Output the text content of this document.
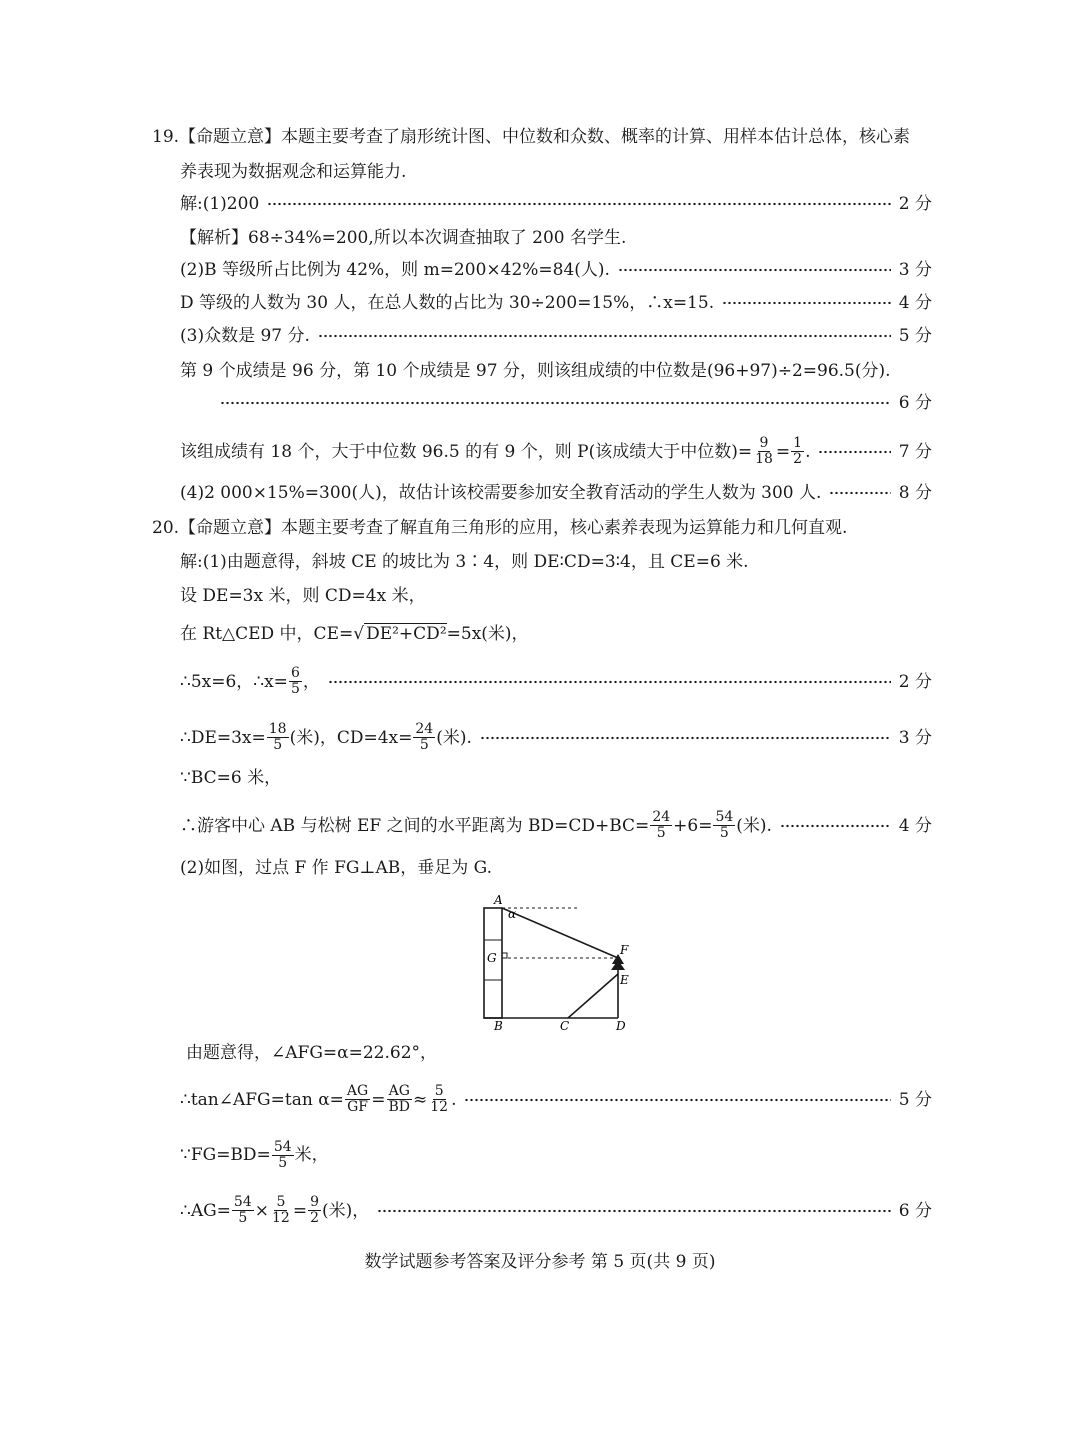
19.【命题立意】本题主要考查了扇形统计图、中位数和众数、概率的计算、用样本估计总体，核心素
养表现为数据观念和运算能力.
解:(1)200	2 分
【解析】68÷34%=200,所以本次调查抽取了 200 名学生.
(2)B 等级所占比例为 42%，则 m=200×42%=84(人).	3 分
D 等级的人数为 30 人，在总人数的占比为 30÷200=15%，∴x=15.	4 分
(3)众数是 97 分.	5 分
第 9 个成绩是 96 分，第 10 个成绩是 97 分，则该组成绩的中位数是(96+97)÷2=96.5(分).
6 分
该组成绩有 18 个，大于中位数 96.5 的有 9 个，则 P(该成绩大于中位数)= $\frac{9}{18} = \frac{1}{2}$ .	7 分
(4)2 000×15%=300(人)，故估计该校需要参加安全教育活动的学生人数为 300 人.	8 分
20.【命题立意】本题主要考查了解直角三角形的应用，核心素养表现为运算能力和几何直观.
解:(1)由题意得，斜坡 CE 的坡比为 3∶4，则 DE∶CD=3∶4，且 CE=6 米.
设 DE=3x 米，则 CD=4x 米，
在 Rt△CED 中，CE=√ DE²+CD²=5x(米)，
∴5x=6，∴x= $\frac{6}{5}$ ，	2 分
∴DE=3x= $\frac{18}{5}$ (米)，$CD=4x= \frac{24}{5}$ (米).	3 分
∵BC=6 米，
∴游客中心 AB 与松树 EF 之间的水平距离为 $BD=CD+BC= \frac{24}{5} +6= \frac{54}{5}$ (米).	4 分
(2)如图，过点 F 作 FG⊥AB，垂足为 G.
A
α
G
F
E
B	C	D
由题意得，∠AFG=α=22.62°，
∴tan∠AFG=tan $\alpha= \frac{AG}{GF} = \frac{AG}{BD} \approx \frac{5}{12}$ .	5 分
∵FG=BD= $\frac{54}{5}$ 米，
∴AG= $\frac{54}{5} \times \frac{5}{12} = \frac{9}{2}$ (米)，	6 分
数学试题参考答案及评分参考 第 5 页(共 9 页)
